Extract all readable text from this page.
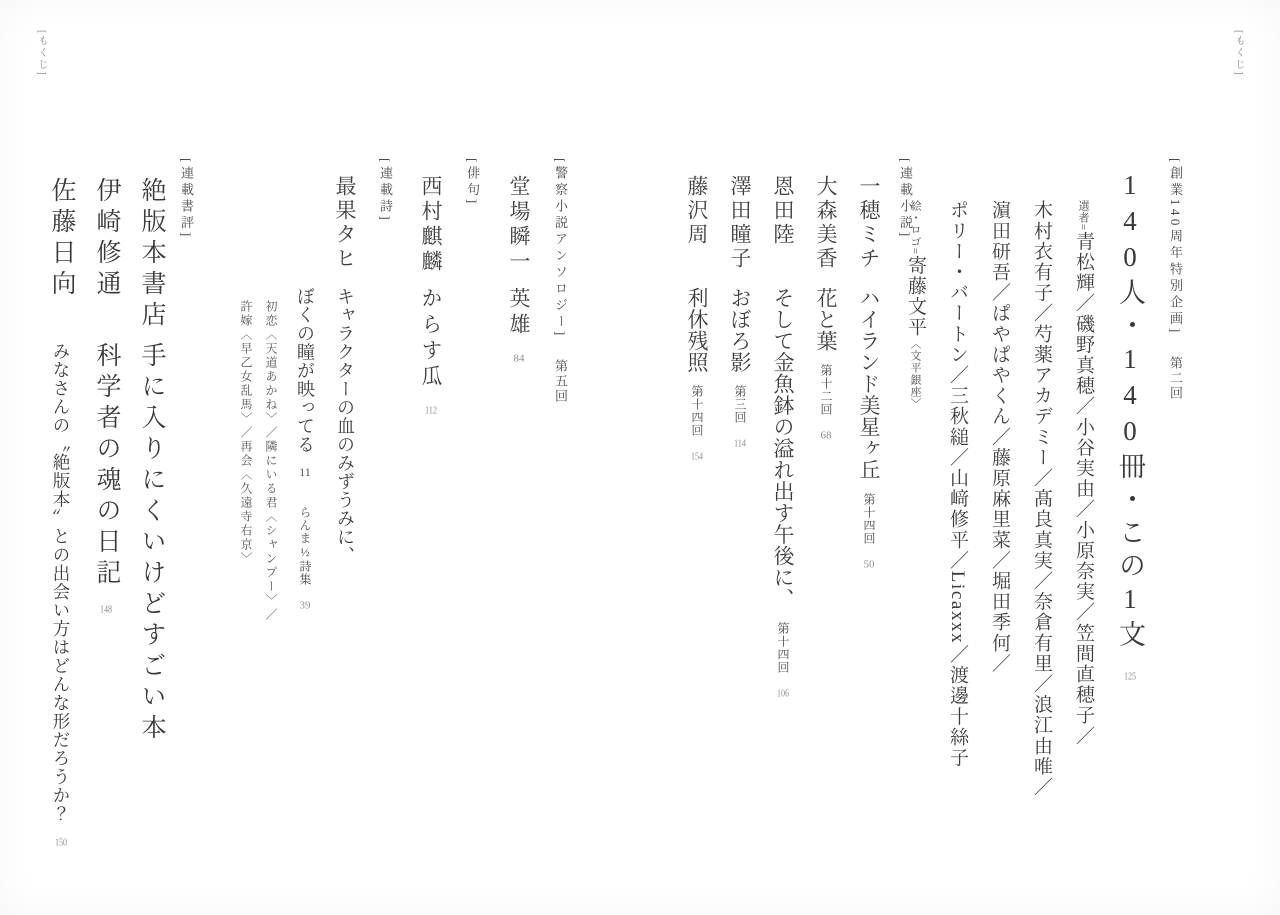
[もくじ]	[もくじ]
[創業140周年特別企画]第二回
140人・140冊・この1文125
選者=青松輝／磯野真穂／小谷実由／小原奈実／笠間直穂子／
木村衣有子／芍薬アカデミー／髙良真実／奈倉有里／浪江由唯／
濵田研吾／ぱやぱやくん／藤原麻里菜／堀田季何／
ポリー・バートン／三秋縋／山﨑修平／Licaxxx／渡邊十絲子
絵・ロゴ=寄藤文平〈文平銀座〉
[連載小説]
一穂ミチハイランド美星ヶ丘第十四回50
大森美香花と葉第十二回68
恩田陸そして金魚鉢の溢れ出す午後に、第十四回106
澤田瞳子おぼろ影第三回114
藤沢周利休残照第十四回154
[警察小説アンソロジー]第五回
堂場瞬一英雄84
[俳句]
西村麒麟からす瓜112
[連載詩]
最果タヒキャラクターの血のみずうみに、
ぼくの瞳が映ってる11らんま½詩集39
初恋〈天道あかね〉／隣にいる君〈シャンプー〉／
許嫁〈早乙女乱馬〉／再会〈久遠寺右京〉
[連載書評]
絶版本書店手に入りにくいけどすごい本
伊崎修通科学者の魂の日記148
佐藤日向みなさんの〝絶版本〟との出会い方はどんな形だろうか？150
